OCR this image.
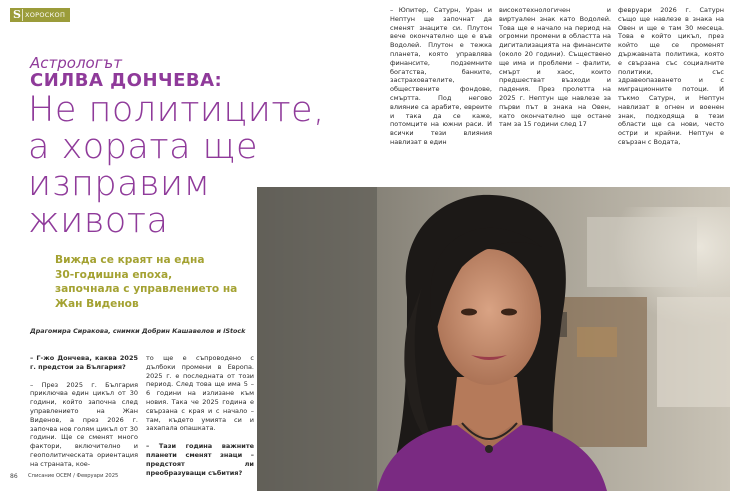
S ХОРОСКОП
Астрологът
СИЛВА ДОНЧЕВА:
Не политиците,
а хората ще
изправим
живота
Вижда се краят на една
30-годишна епоха,
започнала с управлението на
Жан Виденов
Драгомира Сиракова, снимки Добрин Кашавелов и iStock

– Г-жо Дончева, каква 2025 г. предстои за България?

– През 2025 г. България приключва един цикъл от 30 години, който започна след управлението на Жан Виденов, а през 2026 г. започва нов голям цикъл от 30 години. Ще се сменят много фактори, включително и геополитическата ориентация на страната, кое-

то ще е съпроводено с дълбоки промени в Европа. 2025 г. е последната от този период. След това ще има 5 – 6 години на излизане към новия. Така че 2025 година е свързана с края и с начало – там, където умията си и захапала опашката.

– Тази година важните планети сменят знаци – предстоят ли преобразуващи събития?

– Юпитер, Сатурн, Уран и Нептун ще започнат да сменят знаците си. Плутон вече окончателно ще е във Водолей. Плутон е тежка планета, която управлява финансите, подземните богатства, банките, застрахователите, обществените фондове, смъртта. Под неговo влияние са арабите, евреите и така да се каже, потомците на южни раси. И всички тези влияния навлизат в един

високотехнологичен и виртуален знак като Водолей. Това ще е начало на период на огромни промени в областта на дигитализацията на финансите (около 20 години). Съществено ще има и проблеми – фалити, смърт и хаос, които предшестват възходи и падения. През пролетта на 2025 г. Нептун ще навлезе за първи път в знака на Овен, като окончателно ще остане там за 15 години след 17

февруари 2026 г. Сатурн също ще навлезе в знака на Овен и ще е там 30 месеца. Това е който цикъл, през който ще се променят държавната политика, която е свързана със социалните политики, със здравеопазването и с миграционните потоци. И тъкмо Сатурн, и Нептун навлизат в огнен и военен знак, подходяща в тези области ще са нови, често остри и крайни. Нептун е свързан с Водата,

86 Списание ОСЕМ / Февруари 2025
